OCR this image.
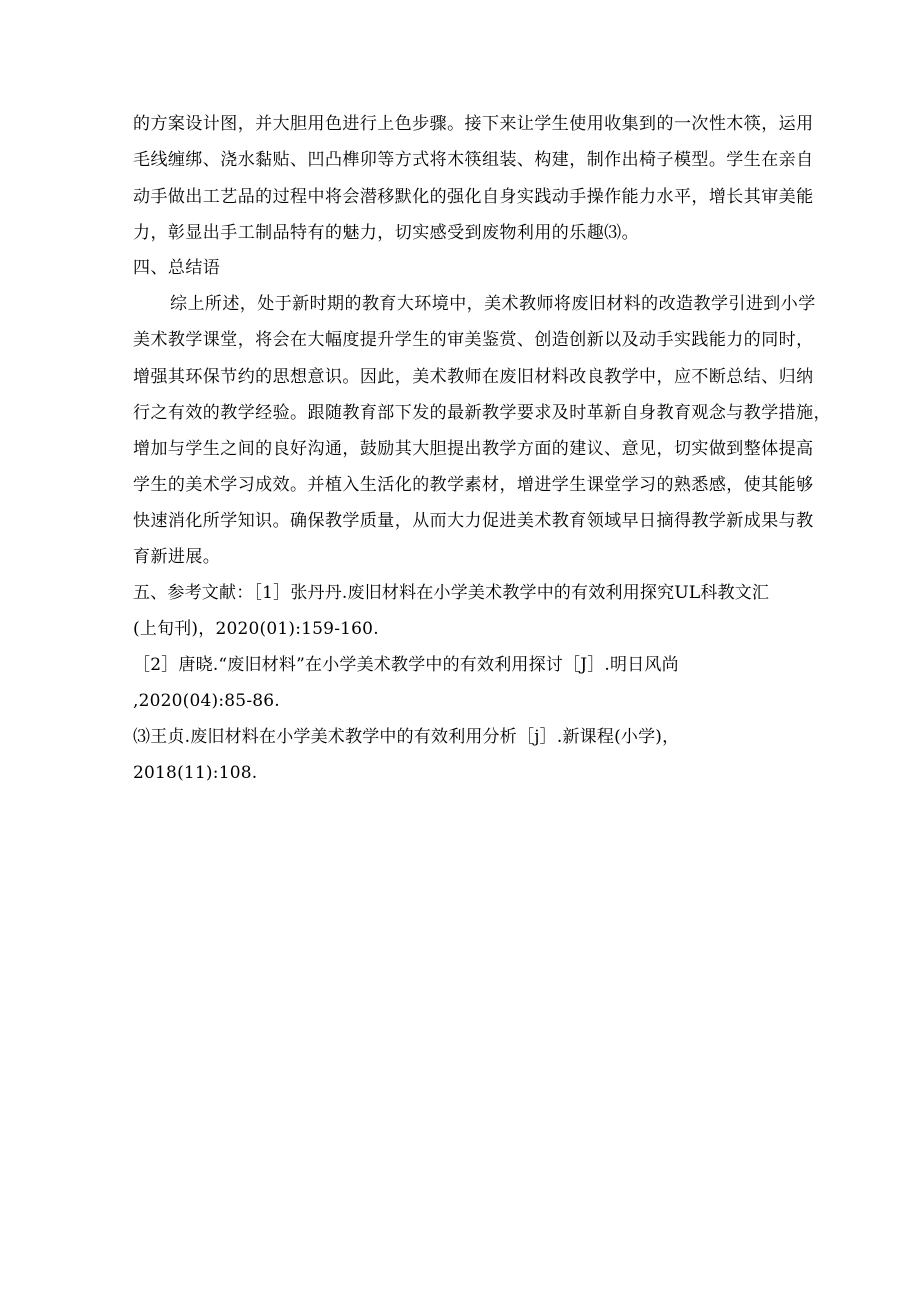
的方案设计图，并大胆用色进行上色步骤。接下来让学生使用收集到的一次性木筷，运用
毛线缠绑、浇水黏贴、凹凸榫卯等方式将木筷组装、构建，制作出椅子模型。学生在亲自
动手做出工艺品的过程中将会潜移默化的强化自身实践动手操作能力水平，增长其审美能
力，彰显出手工制品特有的魅力，切实感受到废物利用的乐趣⑶。
四、总结语
综上所述，处于新时期的教育大环境中，美术教师将废旧材料的改造教学引进到小学
美术教学课堂，将会在大幅度提升学生的审美鉴赏、创造创新以及动手实践能力的同时，
增强其环保节约的思想意识。因此，美术教师在废旧材料改良教学中，应不断总结、归纳
行之有效的教学经验。跟随教育部下发的最新教学要求及时革新自身教育观念与教学措施，
增加与学生之间的良好沟通，鼓励其大胆提出教学方面的建议、意见，切实做到整体提高
学生的美术学习成效。并植入生活化的教学素材，增进学生课堂学习的熟悉感，使其能够
快速消化所学知识。确保教学质量，从而大力促进美术教育领域早日摘得教学新成果与教
育新进展。
五、参考文献：［1］张丹丹.废旧材料在小学美术教学中的有效利用探究UL科教文汇
(上旬刊)，2020(01):159-160.
［2］唐晓.“废旧材料”在小学美术教学中的有效利用探讨［J］.明日风尚
,2020(04):85-86.
⑶王贞.废旧材料在小学美术教学中的有效利用分析［j］.新课程(小学)，
2018(11):108.
